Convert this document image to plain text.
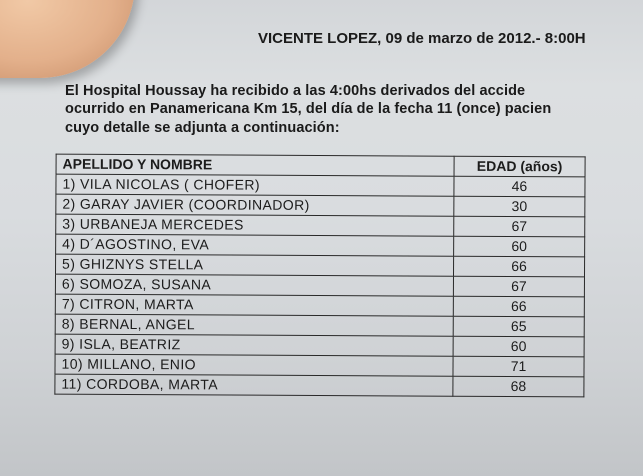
VICENTE LOPEZ, 09 de marzo de 2012.- 8:00H
El Hospital Houssay ha recibido a las 4:00hs derivados del accide
ocurrido en Panamericana Km 15, del día de la fecha 11 (once) pacien
cuyo detalle se adjunta a continuación:
APELLIDO Y NOMBRE	EDAD (años)
1) VILA NICOLAS ( CHOFER)	46
2) GARAY JAVIER (COORDINADOR)	30
3) URBANEJA MERCEDES	67
4) D´AGOSTINO, EVA	60
5) GHIZNYS STELLA	66
6) SOMOZA, SUSANA	67
7) CITRON, MARTA	66
8) BERNAL, ANGEL	65
9) ISLA, BEATRIZ	60
10) MILLANO, ENIO	71
11) CORDOBA, MARTA	68
